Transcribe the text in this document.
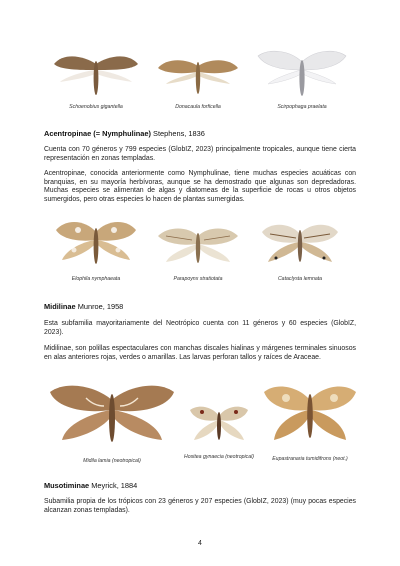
Schoenobius gigantella	Donacaula forficella	Scirpophaga praelata
Acentropinae (= Nymphulinae) Stephens, 1836

Cuenta con 70 géneros y 799 especies (GlobIZ, 2023) principalmente tropicales, aunque tiene cierta representación en zonas templadas.

Acentropinae, conocida anteriormente como Nymphulinae, tiene muchas especies acuáticas con branquias, en su mayoría herbívoras, aunque se ha demostrado que algunas son depredadoras. Muchas especies se alimentan de algas y diatomeas de la superficie de rocas u otros objetos sumergidos, pero otras especies lo hacen de plantas sumergidas.

Elophila nymphaeata	Parapoynx stratiotata	Cataclysta lemnata
Midilinae Munroe, 1958

Esta subfamilia mayoritariamente del Neotrópico cuenta con 11 géneros y 60 especies (GlobIZ, 2023).

Midilinae, son polillas espectaculares con manchas discales hialinas y márgenes terminales sinuosos en alas anteriores rojas, verdes o amarillas. Las larvas perforan tallos y raíces de Araceae.

Midila lamia (neotropical)
Hositea gynaecia (neotropical)	Eupastranaria tumidifrons (neot.)
Musotiminae Meyrick, 1884

Subamilia propia de los trópicos con 23 géneros y 207 especies (GlobIZ, 2023) (muy pocas especies alcanzan zonas templadas).

4
